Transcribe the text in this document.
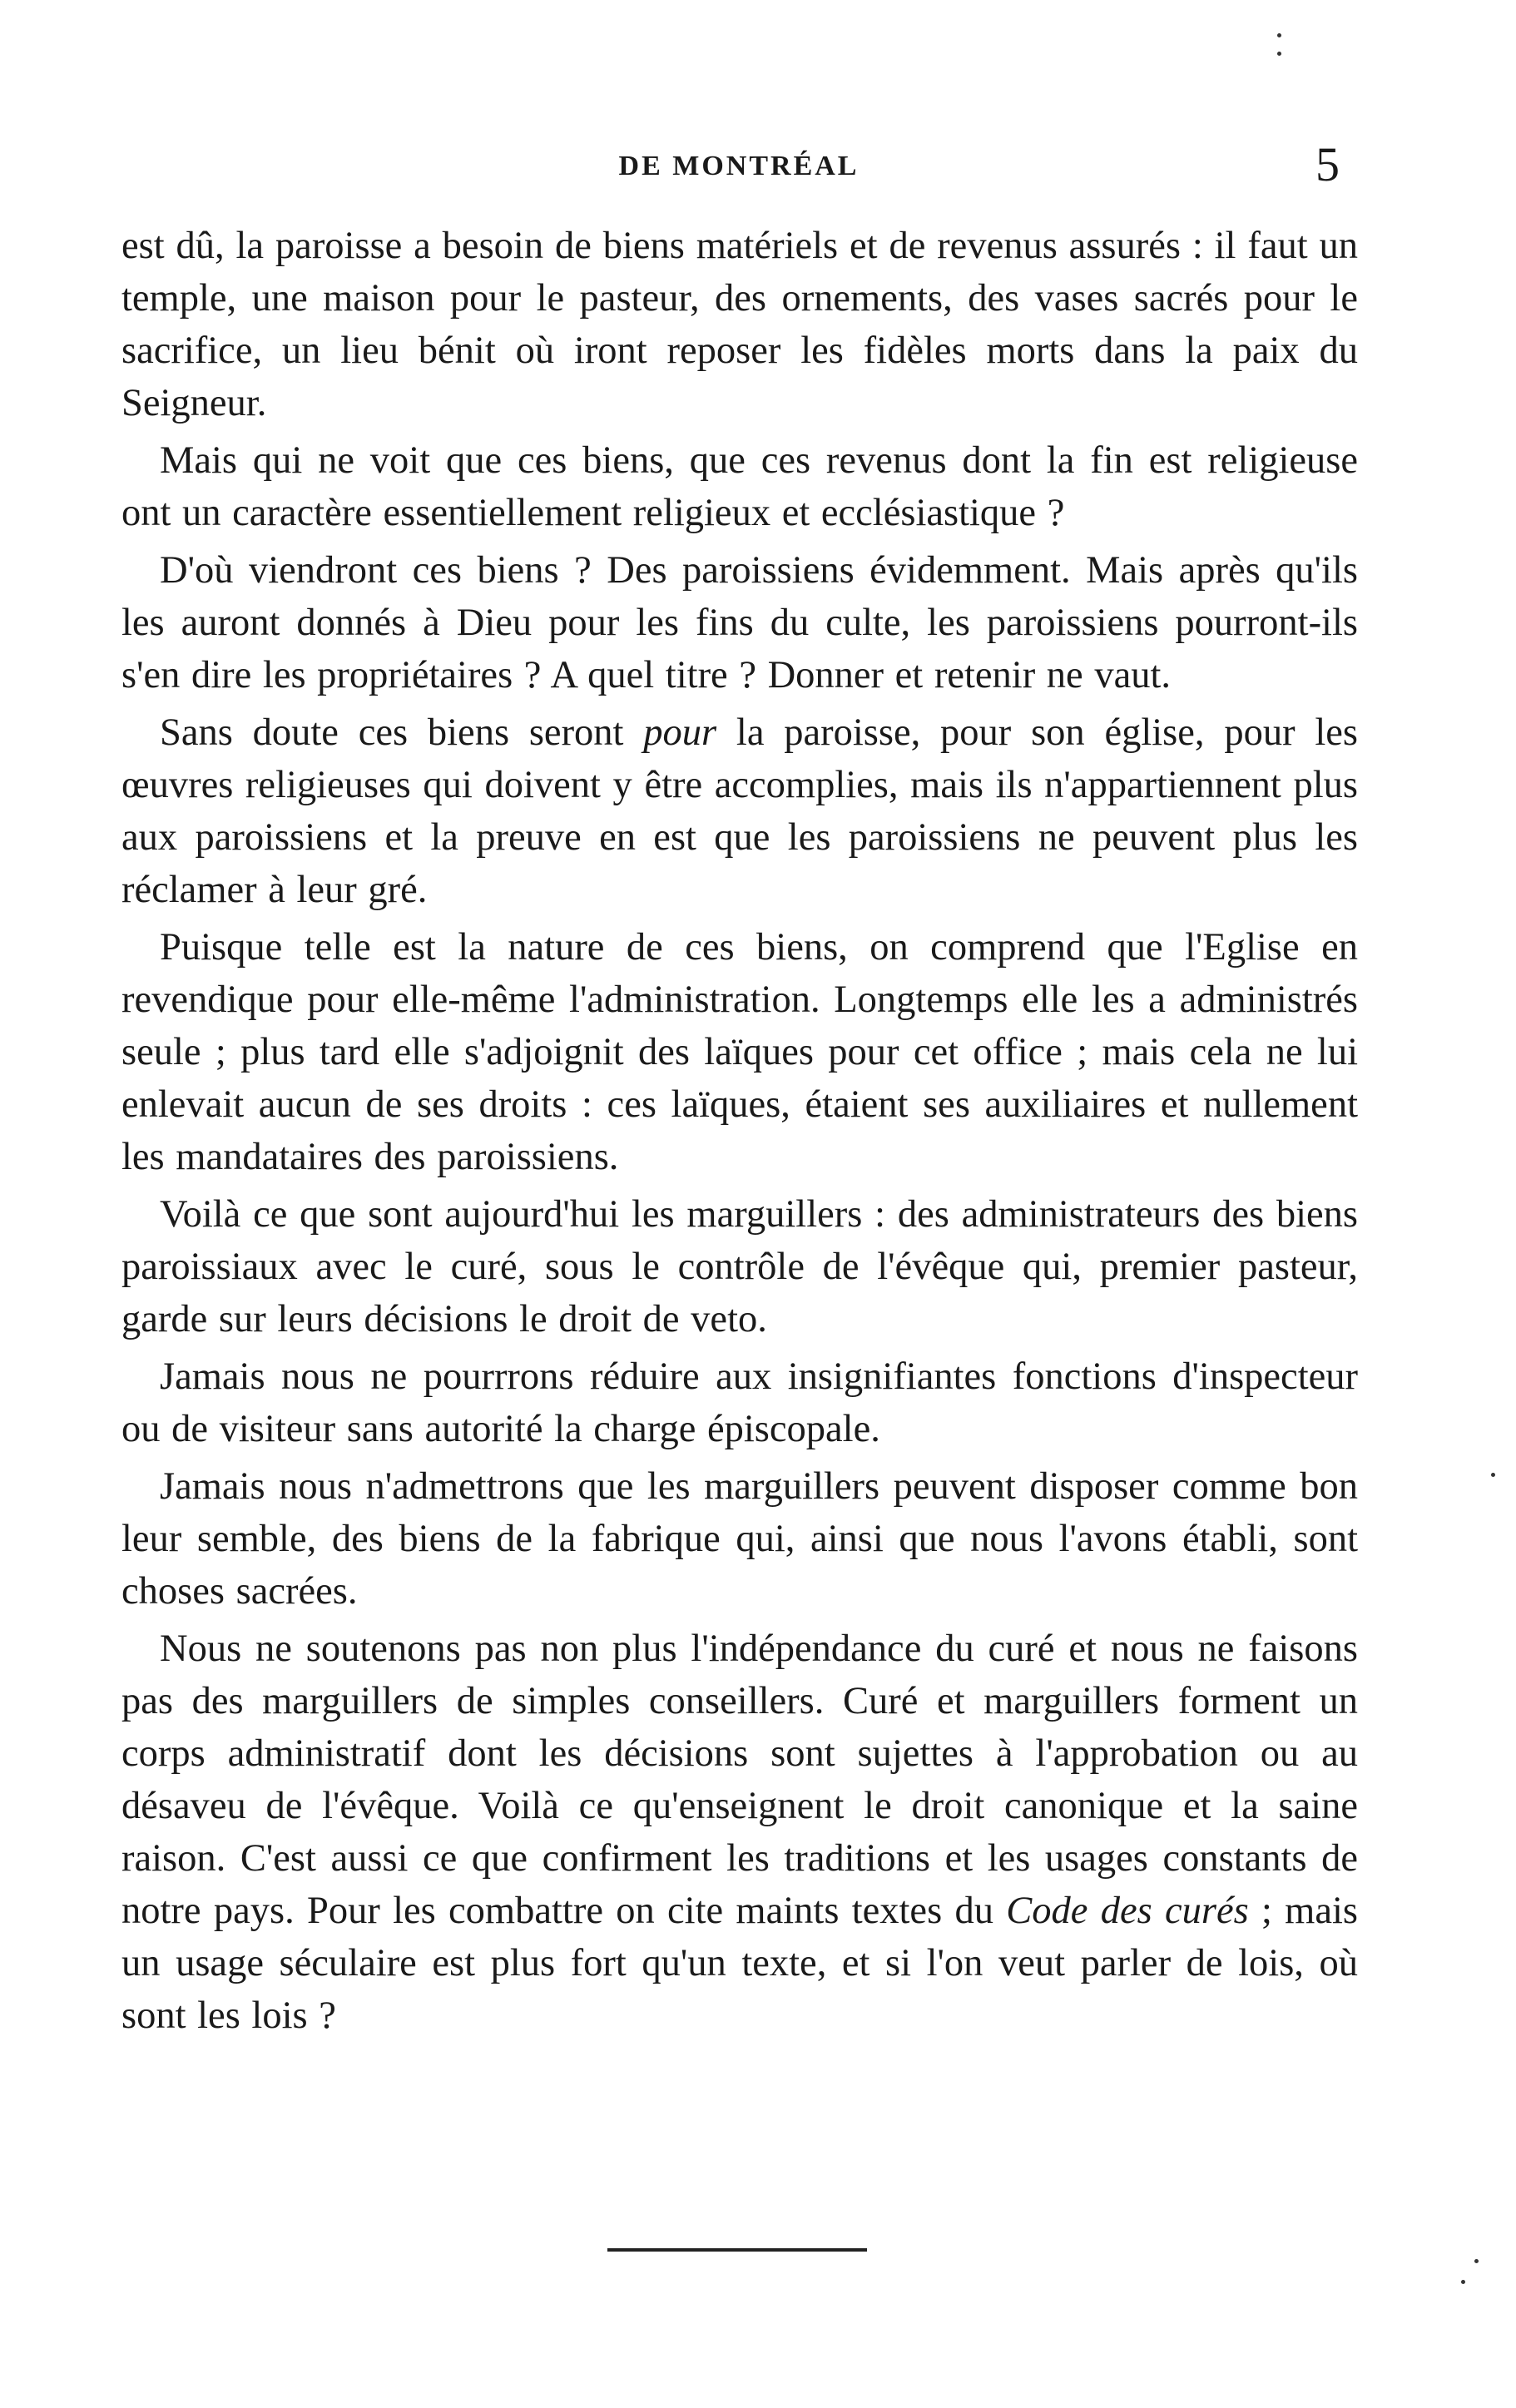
DE MONTRÉAL	5

est dû, la paroisse a besoin de biens matériels et de revenus assurés : il faut un temple, une maison pour le pasteur, des ornements, des vases sacrés pour le sacrifice, un lieu bénit où iront reposer les fidèles morts dans la paix du Seigneur.

Mais qui ne voit que ces biens, que ces revenus dont la fin est religieuse ont un caractère essentiellement religieux et ecclésiastique ?

D'où viendront ces biens ? Des paroissiens évidemment. Mais après qu'ils les auront donnés à Dieu pour les fins du culte, les paroissiens pourront-ils s'en dire les propriétaires ? A quel titre ? Donner et retenir ne vaut.

Sans doute ces biens seront pour la paroisse, pour son église, pour les œuvres religieuses qui doivent y être accomplies, mais ils n'appartiennent plus aux paroissiens et la preuve en est que les paroissiens ne peuvent plus les réclamer à leur gré.

Puisque telle est la nature de ces biens, on comprend que l'Eglise en revendique pour elle-même l'administration. Longtemps elle les a administrés seule ; plus tard elle s'adjoignit des laïques pour cet office ; mais cela ne lui enlevait aucun de ses droits : ces laïques, étaient ses auxiliaires et nullement les mandataires des paroissiens.

Voilà ce que sont aujourd'hui les marguillers : des administrateurs des biens paroissiaux avec le curé, sous le contrôle de l'évêque qui, premier pasteur, garde sur leurs décisions le droit de veto.

Jamais nous ne pourrrons réduire aux insignifiantes fonctions d'inspecteur ou de visiteur sans autorité la charge épiscopale.

Jamais nous n'admettrons que les marguillers peuvent disposer comme bon leur semble, des biens de la fabrique qui, ainsi que nous l'avons établi, sont choses sacrées.

Nous ne soutenons pas non plus l'indépendance du curé et nous ne faisons pas des marguillers de simples conseillers. Curé et marguillers forment un corps administratif dont les décisions sont sujettes à l'approbation ou au désaveu de l'évêque. Voilà ce qu'enseignent le droit canonique et la saine raison. C'est aussi ce que confirment les traditions et les usages constants de notre pays. Pour les combattre on cite maints textes du Code des curés ; mais un usage séculaire est plus fort qu'un texte, et si l'on veut parler de lois, où sont les lois ?
